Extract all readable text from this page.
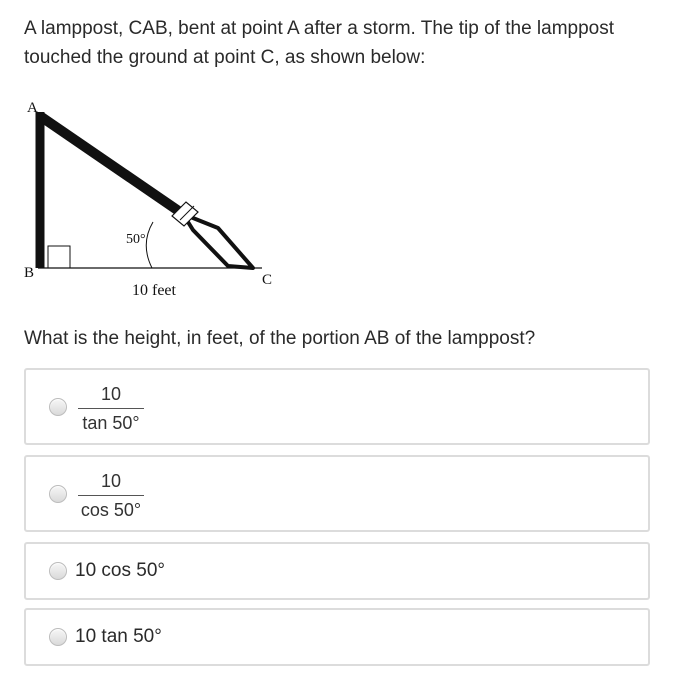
A lamppost, CAB, bent at point A after a storm. The tip of the lamppost touched the ground at point C, as shown below:

A
B	C
50°
10 feet

What is the height, in feet, of the portion AB of the lamppost?

10
tan 50°
10
cos 50°
10 cos 50°
10 tan 50°
